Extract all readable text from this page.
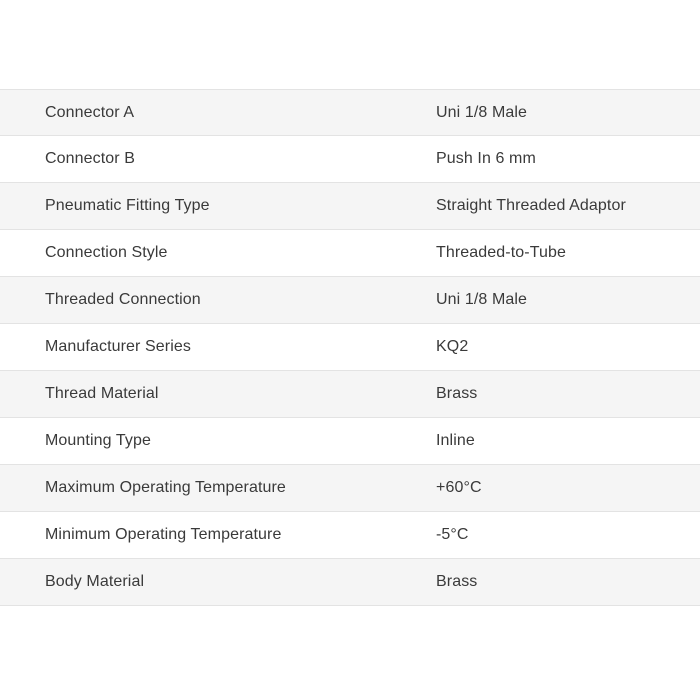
Connector A	Uni 1/8 Male
Connector B	Push In 6 mm
Pneumatic Fitting Type	Straight Threaded Adaptor
Connection Style	Threaded-to-Tube
Threaded Connection	Uni 1/8 Male
Manufacturer Series	KQ2
Thread Material	Brass
Mounting Type	Inline
Maximum Operating Temperature	+60°C
Minimum Operating Temperature	-5°C
Body Material	Brass
